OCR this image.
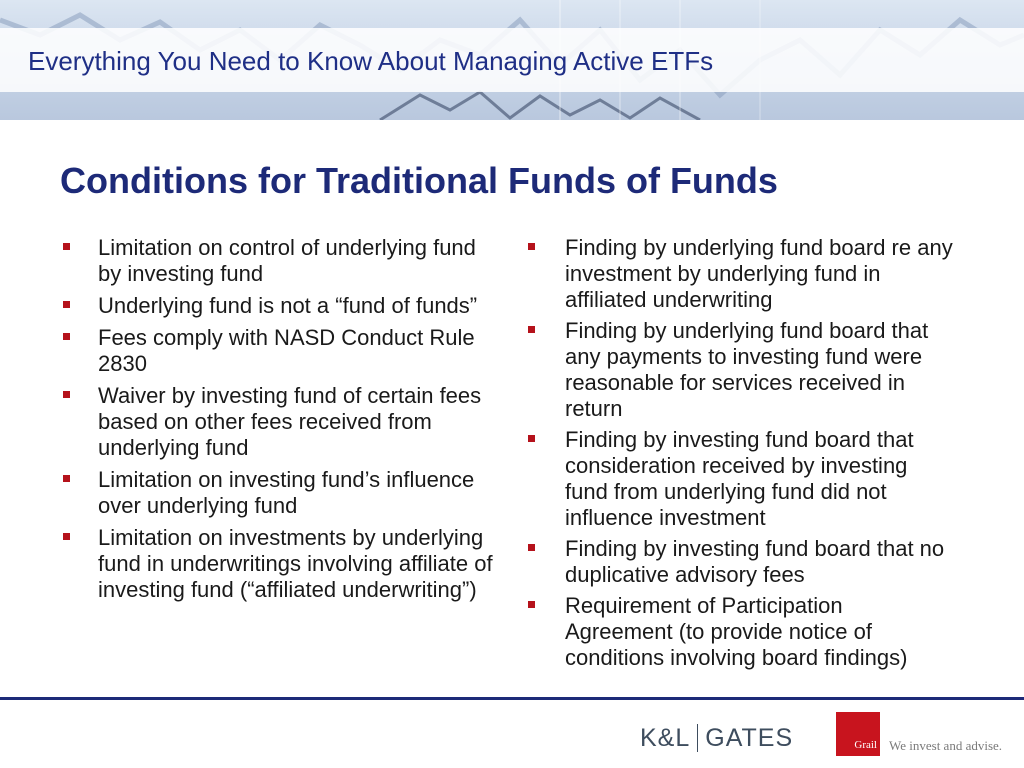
Everything You Need to Know About Managing Active ETFs
Conditions for Traditional Funds of Funds
Limitation on control of underlying fund by investing fund
Underlying fund is not a “fund of funds”
Fees comply with NASD Conduct Rule 2830
Waiver by investing fund of certain fees based on other fees received from underlying fund
Limitation on investing fund’s influence over underlying fund
Limitation on investments by underlying fund in underwritings involving affiliate of investing fund (“affiliated underwriting”)
Finding by underlying fund board re any investment by underlying fund in affiliated underwriting
Finding by underlying fund board that any payments to investing fund were reasonable for services received in return
Finding by investing fund board that consideration received by investing fund from underlying fund did not influence investment
Finding by investing fund board that no duplicative advisory fees
Requirement of Participation Agreement (to provide notice of conditions involving board findings)
K&L GATES	Grail We invest and advise.
